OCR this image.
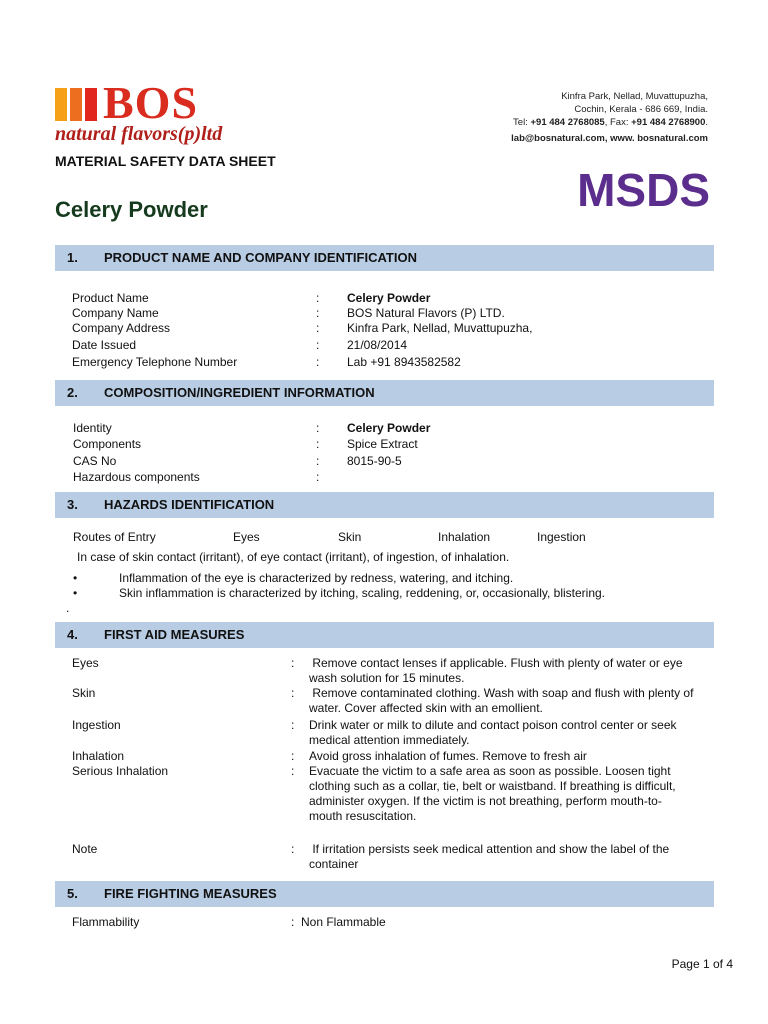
BOS
natural flavors(p)ltd
Kinfra Park, Nellad, Muvattupuzha,
Cochin, Kerala - 686 669, India.
Tel: +91 484 2768085, Fax: +91 484 2768900.
lab@bosnatural.com, www. bosnatural.com
MATERIAL SAFETY DATA SHEET
Celery Powder	MSDS
1. PRODUCT NAME AND COMPANY IDENTIFICATION
Product Name	: Celery Powder
Company Name	: BOS Natural Flavors (P) LTD.
Company Address	: Kinfra Park, Nellad, Muvattupuzha,
Date Issued	: 21/08/2014
Emergency Telephone Number	: Lab +91 8943582582
2. COMPOSITION/INGREDIENT INFORMATION
Identity	: Celery Powder
Components	: Spice Extract
CAS No	: 8015-90-5
Hazardous components	:
3. HAZARDS IDENTIFICATION
Routes of Entry	Eyes	Skin	Inhalation	Ingestion
In case of skin contact (irritant), of eye contact (irritant), of ingestion, of inhalation.
•	Inflammation of the eye is characterized by redness, watering, and itching.
•	Skin inflammation is characterized by itching, scaling, reddening, or, occasionally, blistering.
.
4. FIRST AID MEASURES
Eyes	: Remove contact lenses if applicable. Flush with plenty of water or eye wash solution for 15 minutes.
Skin	: Remove contaminated clothing. Wash with soap and flush with plenty of water. Cover affected skin with an emollient.
Ingestion	: Drink water or milk to dilute and contact poison control center or seek medical attention immediately.
Inhalation	: Avoid gross inhalation of fumes. Remove to fresh air
Serious Inhalation	: Evacuate the victim to a safe area as soon as possible. Loosen tight clothing such as a collar, tie, belt or waistband. If breathing is difficult, administer oxygen. If the victim is not breathing, perform mouth-to-mouth resuscitation.
Note	: If irritation persists seek medical attention and show the label of the container
5. FIRE FIGHTING MEASURES
Flammability	:  Non Flammable
Page 1 of 4
